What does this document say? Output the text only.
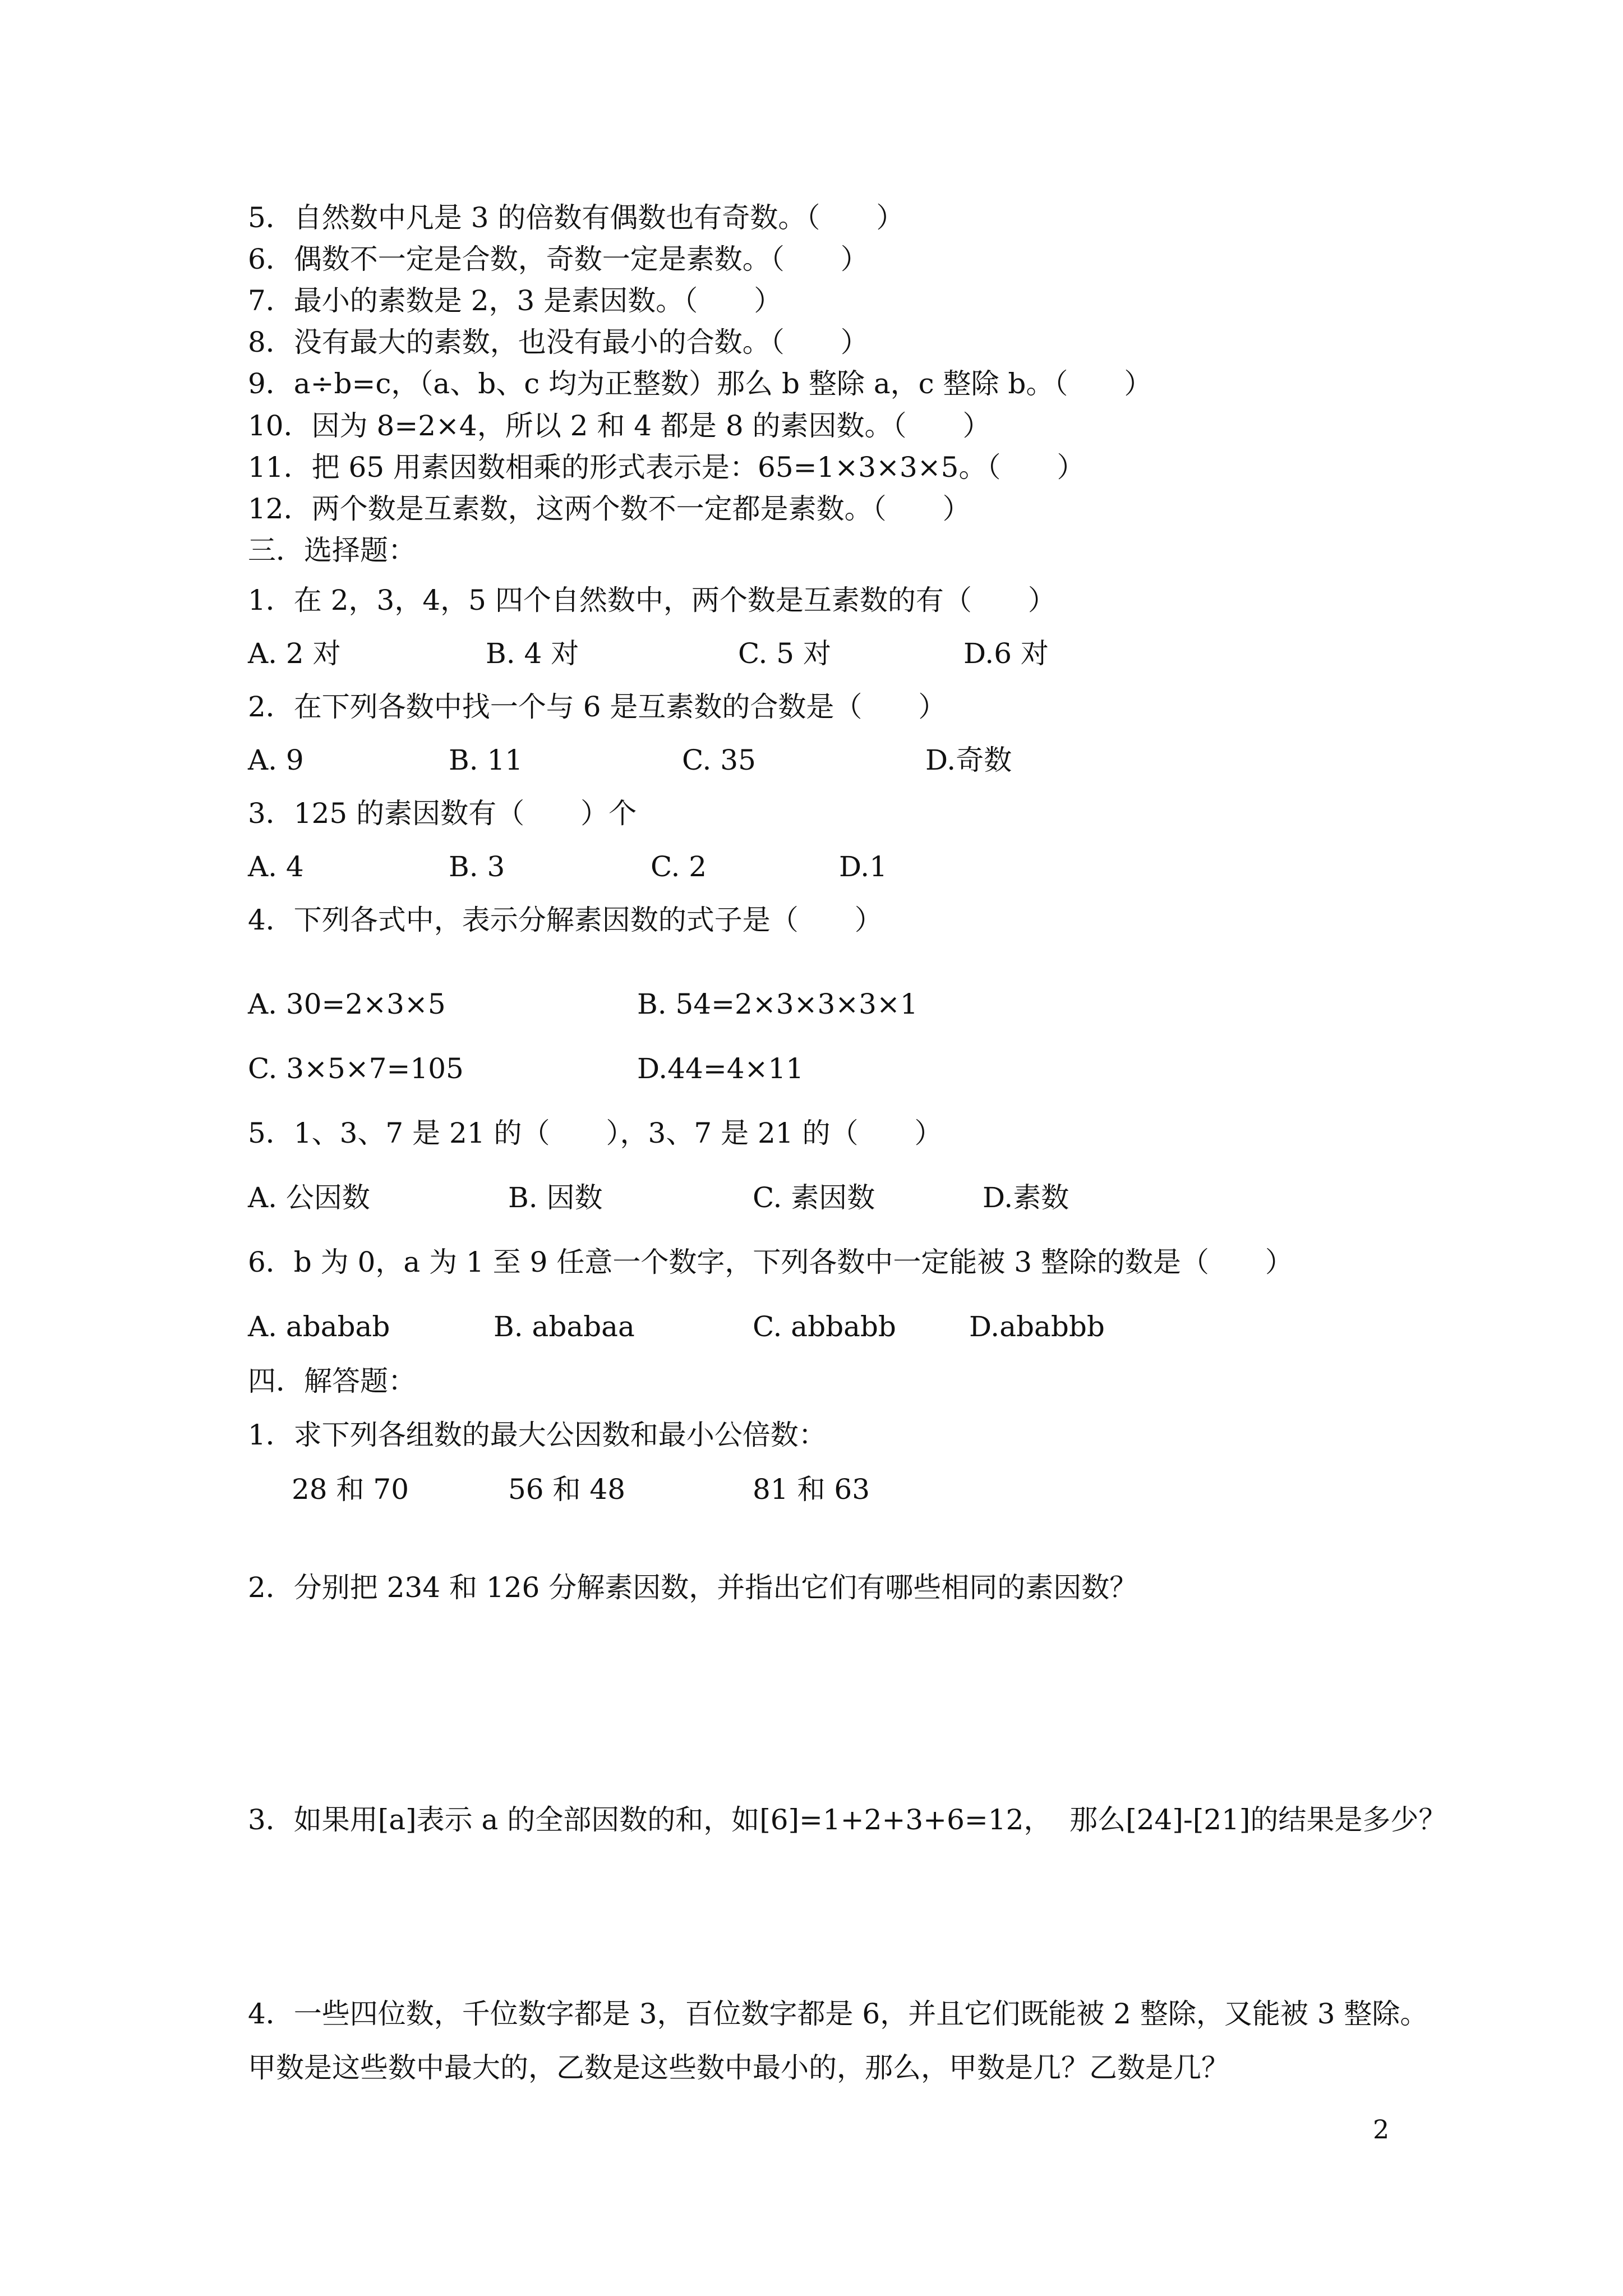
5．自然数中凡是 3 的倍数有偶数也有奇数。（　　）
6．偶数不一定是合数，奇数一定是素数。（　　）
7．最小的素数是 2，3 是素因数。（　　）
8．没有最大的素数，也没有最小的合数。（　　）
9．a÷b=c，（a、b、c 均为正整数）那么 b 整除 a，c 整除 b。（　　）
10．因为 8=2×4，所以 2 和 4 都是 8 的素因数。（　　）
11．把 65 用素因数相乘的形式表示是：65=1×3×3×5。（　　）
12．两个数是互素数，这两个数不一定都是素数。（　　）
三．选择题：
1．在 2，3，4，5 四个自然数中，两个数是互素数的有（　　）
A. 2 对	B. 4 对	C. 5 对	D.6 对
2．在下列各数中找一个与 6 是互素数的合数是（　　）
A. 9	B. 11	C. 35	D.奇数
3．125 的素因数有（　　）个
A. 4	B. 3	C. 2	D.1
4．下列各式中，表示分解素因数的式子是（　　）
A. 30=2×3×5	B. 54=2×3×3×3×1
C. 3×5×7=105	D.44=4×11
5．1、3、7 是 21 的（　　），3、7 是 21 的（　　）
A. 公因数	B. 因数	C. 素因数	D.素数
6．b 为 0，a 为 1 至 9 任意一个数字，下列各数中一定能被 3 整除的数是（　　）
A. ababab	B. ababaa	C. abbabb	D.ababbb
四．解答题：
1．求下列各组数的最大公因数和最小公倍数：
28 和 70	56 和 48	81 和 63
2．分别把 234 和 126 分解素因数，并指出它们有哪些相同的素因数？
3．如果用[a]表示 a 的全部因数的和，如[6]=1+2+3+6=12，  那么[24]-[21]的结果是多少？
4．一些四位数，千位数字都是 3，百位数字都是 6，并且它们既能被 2 整除，又能被 3 整除。
甲数是这些数中最大的，乙数是这些数中最小的，那么，甲数是几？乙数是几？
2
